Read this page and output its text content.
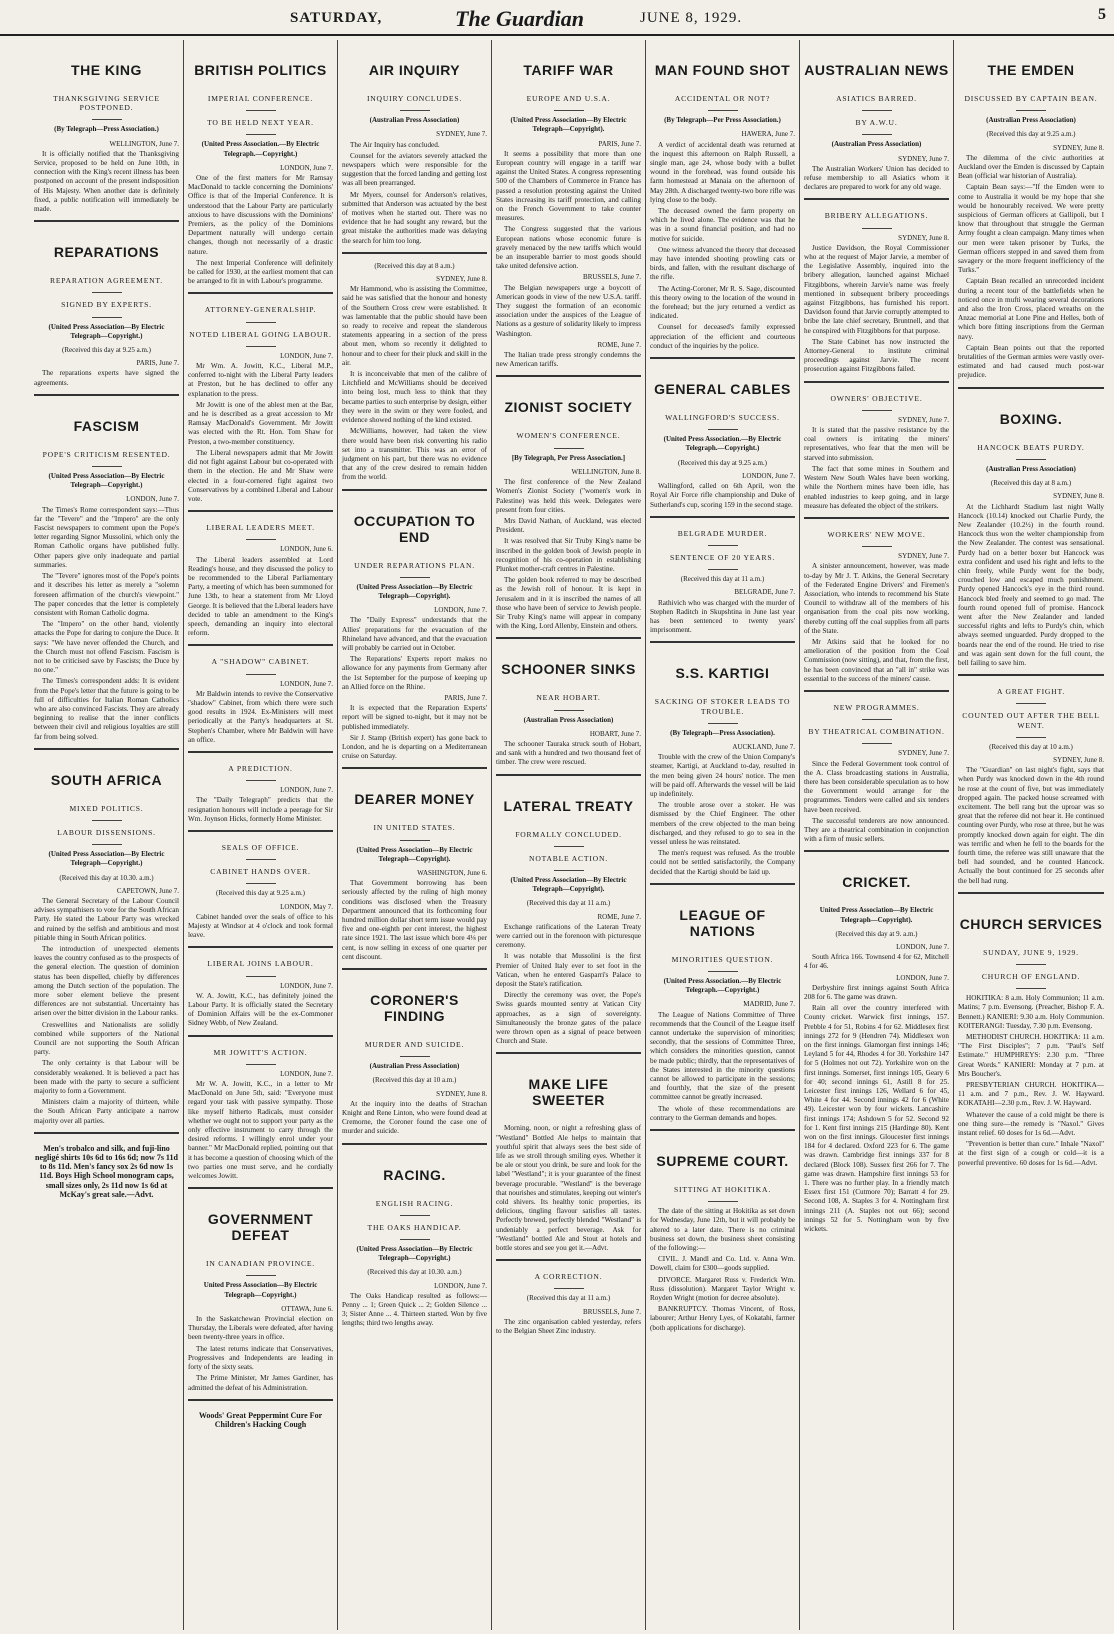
SATURDAY,	The Guardian	JUNE 8, 1929.	5
THE KING
THANKSGIVING SERVICE POSTPONED.
(By Telegraph—Press Association.)
WELLINGTON, June 7.

It is officially notified that the Thanksgiving Service, proposed to be held on June 10th, in connection with the King's recent illness has been postponed on account of the present indisposition of His Majesty. When another date is definitely fixed, a public notification will immediately be made.

REPARATIONS
REPARATION AGREEMENT.
SIGNED BY EXPERTS.
(United Press Association—By Electric Telegraph—Copyright.)
(Received this day at 9.25 a.m.)
PARIS, June 7.

The reparations experts have signed the agreements.

FASCISM
POPE'S CRITICISM RESENTED.
(United Press Association—By Electric Telegraph—Copyright.)
LONDON, June 7.

The Times's Rome correspondent says:—Thus far the "Tevere" and the "Impero" are the only Fascist newspapers to comment upon the Pope's letter regarding Signor Mussolini, which only the Roman Catholic organs have published fully. Other papers give only inadequate and partial summaries.

The "Tevere" ignores most of the Pope's points and it describes his letter as merely a "solemn foreseen affirmation of the church's viewpoint." The paper concedes that the letter is completely consistent with Roman Catholic dogma.

The "Impero" on the other hand, violently attacks the Pope for daring to conjure the Duce. It says: "We have never offended the Church, and the Church must not offend Fascism. Fascism is not to be criticised save by Fascists; the Duce by no one."

The Times's correspondent adds: It is evident from the Pope's letter that the future is going to be full of difficulties for Italian Roman Catholics who are also convinced Fascists. They are already beginning to realise that the inner conflicts between their civil and religious loyalties are still far from being solved.

SOUTH AFRICA
MIXED POLITICS.
LABOUR DISSENSIONS.
(United Press Association—By Electric Telegraph—Copyright.)
(Received this day at 10.30. a.m.)
CAPETOWN, June 7.

The General Secretary of the Labour Council advises sympathisers to vote for the South African Party. He stated the Labour Party was wrecked and ruined by the selfish and ambitious and most pitiable thing in South African politics.

The introduction of unexpected elements leaves the country confused as to the prospects of the general election. The question of dominion status has been dispelled, chiefly by differences among the Dutch section of the population. The more sober element believe the present differences are not substantial. Uncertainty has arisen over the bitter division in the Labour ranks.

Creswellites and Nationalists are solidly combined while supporters of the National Council are not supporting the South African party.

The only certainty is that Labour will be considerably weakened. It is believed a pact has been made with the party to secure a sufficient majority to form a Government.

Ministers claim a majority of thirteen, while the South African Party anticipate a narrow majority over all parties.

Men's trobalco and silk, and fuji-lino negligé shirts 10s 6d to 16s 6d; now 7s 11d to 8s 11d. Men's fancy sox 2s 6d now 1s 11d. Boys High School monogram caps, small sizes only, 2s 11d now 1s 6d at McKay's great sale.—Advt.
BRITISH POLITICS
IMPERIAL CONFERENCE.
TO BE HELD NEXT YEAR.
(United Press Association.—By Electric Telegraph.—Copyright.)
LONDON, June 7.

One of the first matters for Mr Ramsay MacDonald to tackle concerning the Dominions' Office is that of the Imperial Conference. It is understood that the Labour Party are particularly anxious to have discussions with the Dominions' Premiers, as the policy of the Dominions Department naturally will undergo certain changes, though not necessarily of a drastic nature.

The next Imperial Conference will definitely be called for 1930, at the earliest moment that can be arranged to fit in with Labour's programme.

ATTORNEY-GENERALSHIP.
NOTED LIBERAL GOING LABOUR.
LONDON, June 7.

Mr Wm. A. Jowitt, K.C., Liberal M.P., conferred to-night with the Liberal Party leaders at Preston, but he has declined to offer any explanation to the press.

Mr Jowitt is one of the ablest men at the Bar, and he is described as a great accession to Mr Ramsay MacDonald's Government. Mr Jowitt was elected with the Rt. Hon. Tom Shaw for Preston, a two-member constituency.

The Liberal newspapers admit that Mr Jowitt did not fight against Labour but co-operated with them in the election. He and Mr Shaw were elected in a four-cornered fight against two Conservatives by a combined Liberal and Labour vote.

LIBERAL LEADERS MEET.
LONDON, June 6.

The Liberal leaders assembled at Lord Reading's house, and they discussed the policy to be recommended to the Liberal Parliamentary Party, a meeting of which has been summoned for June 13th, to hear a statement from Mr Lloyd George. It is believed that the Liberal leaders have decided to table an amendment to the King's speech, demanding an inquiry into electoral reform.

A "SHADOW" CABINET.
LONDON, June 7.

Mr Baldwin intends to revive the Conservative "shadow" Cabinet, from which there were such good results in 1924. Ex-Ministers will meet periodically at the Party's headquarters at St. Stephen's Chamber, where Mr Baldwin will have an office.

A PREDICTION.
LONDON, June 7.

The "Daily Telegraph" predicts that the resignation honours will include a peerage for Sir Wm. Joynson Hicks, formerly Home Minister.

SEALS OF OFFICE.
CABINET HANDS OVER.
(Received this day at 9.25 a.m.)
LONDON, May 7.

Cabinet handed over the seals of office to his Majesty at Windsor at 4 o'clock and took formal leave.

LIBERAL JOINS LABOUR.
LONDON, June 7.

W. A. Jowitt, K.C., has definitely joined the Labour Party. It is officially stated the Secretary of Dominion Affairs will be the ex-Commoner Sidney Webb, of New Zealand.

MR JOWITT'S ACTION.
LONDON, June 7.

Mr W. A. Jowitt, K.C., in a letter to Mr MacDonald on June 5th, said: "Everyone must regard your task with passive sympathy. Those like myself hitherto Radicals, must consider whether we ought not to support your party as the only effective instrument to carry through the desired reforms. I willingly enrol under your banner." Mr MacDonald replied, pointing out that it has become a question of choosing which of the two parties one must serve, and he cordially welcomes Jowitt.

GOVERNMENT DEFEAT
IN CANADIAN PROVINCE.
United Press Association—By Electric Telegraph—Copyright.)
OTTAWA, June 6.

In the Saskatchewan Provincial election on Thursday, the Liberals were defeated, after having been twenty-three years in office.

The latest returns indicate that Conservatives, Progressives and Independents are leading in forty of the sixty seats.

The Prime Minister, Mr James Gardiner, has admitted the defeat of his Administration.

Woods' Great Peppermint Cure For Children's Hacking Cough
AIR INQUIRY
INQUIRY CONCLUDES.
(Australian Press Association)
SYDNEY, June 7.

The Air Inquiry has concluded.

Counsel for the aviators severely attacked the newspapers which were responsible for the suggestion that the forced landing and getting lost was all been prearranged.

Mr Myers, counsel for Anderson's relatives, submitted that Anderson was actuated by the best of motives when he started out. There was no evidence that he had sought any reward, but the great mistake the authorities made was delaying the search for him too long.

(Received this day at 8 a.m.)
SYDNEY, June 8.

Mr Hammond, who is assisting the Committee, said he was satisfied that the honour and honesty of the Southern Cross crew were established. It was lamentable that the public should have been so ready to receive and repeat the slanderous statements appearing in a section of the press about men, whom so recently it delighted to honour and to cheer for their pluck and skill in the air.

It is inconceivable that men of the calibre of Litchfield and McWilliams should be deceived into being lost, much less to think that they became parties to such enterprise by design, either they were in the swim or they were fooled, and evidence showed nothing of the kind existed.

McWilliams, however, had taken the view there would have been risk converting his radio set into a transmitter. This was an error of judgment on his part, but there was no evidence that any of the crew desired to remain hidden from the world.

OCCUPATION TO END
UNDER REPARATIONS PLAN.
(United Press Association—By Electric Telegraph—Copyright).
LONDON, June 7.

The "Daily Express" understands that the Allies' preparations for the evacuation of the Rhineland have advanced, and that the evacuation will probably be carried out in October.

The Reparations' Experts report makes no allowance for any payments from Germany after the 1st September for the purpose of keeping up an Allied force on the Rhine.

PARIS, June 7.

It is expected that the Reparation Experts' report will be signed to-night, but it may not be published immediately.

Sir J. Stamp (British expert) has gone back to London, and he is departing on a Mediterranean cruise on Saturday.

DEARER MONEY
IN UNITED STATES.
(United Press Association—By Electric Telegraph—Copyright).
WASHINGTON, June 6.

That Government borrowing has been seriously affected by the ruling of high money conditions was disclosed when the Treasury Department announced that its forthcoming four hundred million dollar short term issue would pay five and one-eighth per cent interest, the highest rate since 1921. The last issue which bore 4⅛ per cent, is now selling in excess of one quarter per cent discount.

CORONER'S FINDING
MURDER AND SUICIDE.
(Australian Press Association)
(Received this day at 10 a.m.)
SYDNEY, June 8.

At the inquiry into the deaths of Strachan Knight and Rene Linton, who were found dead at Cremorne, the Coroner found the case one of murder and suicide.

RACING.
ENGLISH RACING.
THE OAKS HANDICAP.
(United Press Association—By Electric Telegraph—Copyright.)
(Received this day at 10.30. a.m.)
LONDON, June 7.

The Oaks Handicap resulted as follows:— Penny ... 1; Green Quick ... 2; Golden Silence ... 3; Sister Anne ... 4. Thirteen started. Won by five lengths; third two lengths away.

TARIFF WAR
EUROPE AND U.S.A.
(United Press Association—By Electric Telegraph—Copyright).
PARIS, June 7.

It seems a possibility that more than one European country will engage in a tariff war against the United States. A congress representing 500 of the Chambers of Commerce in France has passed a resolution protesting against the United States increasing its tariff protection, and calling on the French Government to take counter measures.

The Congress suggested that the various European nations whose economic future is gravely menaced by the new tariffs which would be an insuperable barrier to most goods should take united defensive action.

BRUSSELS, June 7.

The Belgian newspapers urge a boycott of American goods in view of the new U.S.A. tariff. They suggest the formation of an economic association under the auspices of the League of Nations as a gesture of solidarity likely to impress Washington.

ROME, June 7.

The Italian trade press strongly condemns the new American tariffs.

ZIONIST SOCIETY
WOMEN'S CONFERENCE.
[By Telegraph, Per Press Association.]
WELLINGTON, June 8.

The first conference of the New Zealand Women's Zionist Society ("women's work in Palestine) was held this week. Delegates were present from four cities.

Mrs David Nathan, of Auckland, was elected President.

It was resolved that Sir Truby King's name be inscribed in the golden book of Jewish people in recognition of his co-operation in establishing Plunket mother-craft centres in Palestine.

The golden book referred to may be described as the Jewish roll of honour. It is kept in Jerusalem and in it is inscribed the names of all those who have been of service to Jewish people. Sir Truby King's name will appear in company with the King, Lord Allenby, Einstein and others.

SCHOONER SINKS
NEAR HOBART.
(Australian Press Association)
HOBART, June 7.

The schooner Tauraka struck south of Hobart, and sank with a hundred and two thousand feet of timber. The crew were rescued.

LATERAL TREATY
FORMALLY CONCLUDED.
NOTABLE ACTION.
(United Press Association—By Electric Telegraph—Copyright).
(Received this day at 11 a.m.)
ROME, June 7.

Exchange ratifications of the Lateran Treaty were carried out in the forenoon with picturesque ceremony.

It was notable that Mussolini is the first Premier of United Italy ever to set foot in the Vatican, when he entered Gasparri's Palace to deposit the State's ratification.

Directly the ceremony was over, the Pope's Swiss guards mounted sentry at Vatican City approaches, as a sign of sovereignty. Simultaneously the bronze gates of the palace were thrown open as a signal of peace between Church and State.

MAKE LIFE SWEETER

Morning, noon, or night a refreshing glass of "Westland" Bottled Ale helps to maintain that youthful spirit that always sees the best side of life as we stroll through smiling eyes. Whether it be ale or stout you drink, be sure and look for the label "Westland"; it is your guarantee of the finest beverage procurable. "Westland" is the beverage that nourishes and stimulates, keeping out winter's cold shivers. Its healthy tonic properties, its delicious, tingling flavour satisfies all tastes. Perfectly brewed, perfectly blended "Westland" is undeniably a perfect beverage. Ask for "Westland" bottled Ale and Stout at hotels and bottle stores and see you get it.—Advt.

A CORRECTION.
(Received this day at 11 a.m.)
BRUSSELS, June 7.

The zinc organisation cabled yesterday, refers to the Belgian Sheet Zinc industry.

MAN FOUND SHOT
ACCIDENTAL OR NOT?
(By Telegraph—Per Press Association.)
HAWERA, June 7.

A verdict of accidental death was returned at the inquest this afternoon on Ralph Russell, a single man, age 24, whose body with a bullet wound in the forehead, was found outside his farm homestead at Manaia on the afternoon of May 28th. A discharged twenty-two bore rifle was lying close to the body.

The deceased owned the farm property on which he lived alone. The evidence was that he was in a sound financial position, and had no motive for suicide.

One witness advanced the theory that deceased may have intended shooting prowling cats or birds, and fallen, with the resultant discharge of the rifle.

The Acting-Coroner, Mr R. S. Sage, discounted this theory owing to the location of the wound in the forehead; but the jury returned a verdict as indicated.

Counsel for deceased's family expressed appreciation of the efficient and courteous conduct of the inquiries by the police.

GENERAL CABLES
WALLINGFORD'S SUCCESS.
(United Press Association.—By Electric Telegraph.—Copyright.)
(Received this day at 9.25 a.m.)
LONDON, June 7.

Wallingford, called on 6th April, won the Royal Air Force rifle championship and Duke of Sutherland's cup, scoring 159 in the second stage.

BELGRADE MURDER.
SENTENCE OF 20 YEARS.
(Received this day at 11 a.m.)
BELGRADE, June 7.

Rathivich who was charged with the murder of Stephen Raditch in Skupshtina in June last year has been sentenced to twenty years' imprisonment.

S.S. KARTIGI
SACKING OF STOKER LEADS TO TROUBLE.
(By Telegraph—Press Association).
AUCKLAND, June 7.

Trouble with the crew of the Union Company's steamer, Kartigi, at Auckland to-day, resulted in the men being given 24 hours' notice. The men will be paid off. Afterwards the vessel will be laid up indefinitely.

The trouble arose over a stoker. He was dismissed by the Chief Engineer. The other members of the crew objected to the man being discharged, and they refused to go to sea in the vessel unless he was reinstated.

The men's request was refused. As the trouble could not be settled satisfactorily, the Company decided that the Kartigi should be laid up.

LEAGUE OF NATIONS
MINORITIES QUESTION.
(United Press Association.—By Electric Telegraph.—Copyright.)
MADRID, June 7.

The League of Nations Committee of Three recommends that the Council of the League itself cannot undertake the supervision of minorities; secondly, that the sessions of Committee Three, which considers the minorities question, cannot be made public; thirdly, that the representatives of the States interested in the minority questions cannot be allowed to participate in the sessions; and fourthly, that the size of the present committee cannot be greatly increased.

The whole of these recommendations are contrary to the German demands and hopes.

SUPREME COURT.
SITTING AT HOKITIKA.

The date of the sitting at Hokitika as set down for Wednesday, June 12th, but it will probably be altered to a later date. There is no criminal business set down, the business sheet consisting of the following:—

CIVIL. J. Mandl and Co. Ltd. v. Anna Wm. Dowell, claim for £300—goods supplied.

DIVORCE. Margaret Russ v. Frederick Wm. Russ (dissolution). Margaret Taylor Wright v. Royden Wright (motion for decree absolute).

BANKRUPTCY. Thomas Vincent, of Ross, labourer; Arthur Henry Lyes, of Kokatahi, farmer (both applications for discharge).

AUSTRALIAN NEWS
ASIATICS BARRED.
BY A.W.U.
(Australian Press Association)
SYDNEY, June 7.

The Australian Workers' Union has decided to refuse membership to all Asiatics whom it declares are prepared to work for any old wage.

BRIBERY ALLEGATIONS.
SYDNEY, June 8.

Justice Davidson, the Royal Commissioner who at the request of Major Jarvie, a member of the Legislative Assembly, inquired into the bribery allegation, launched against Michael Fitzgibbons, wherein Jarvie's name was freely mentioned in subsequent bribery proceedings against Fitzgibbons, has furnished his report. Davidson found that Jarvie corruptly attempted to bribe the late chief secretary, Bruntnell, and that he conspired with Fitzgibbons for that purpose.

The State Cabinet has now instructed the Attorney-General to institute criminal proceedings against Jarvie. The recent prosecution against Fitzgibbons failed.

OWNERS' OBJECTIVE.
SYDNEY, June 7.

It is stated that the passive resistance by the coal owners is irritating the miners' representatives, who fear that the men will be starved into submission.

The fact that some mines in Southern and Western New South Wales have been working, while the Northern mines have been idle, has enabled industries to keep going, and in large measure has defeated the object of the strikers.

WORKERS' NEW MOVE.
SYDNEY, June 7.

A sinister announcement, however, was made to-day by Mr J. T. Atkins, the General Secretary of the Federated Engine Drivers' and Firemen's Association, who intends to recommend his State Council to withdraw all of the members of his organisation from the coal pits now working, thereby cutting off the coal supplies from all parts of the State.

Mr Atkins said that he looked for no amelioration of the position from the Coal Commission (now sitting), and that, from the first, he has been convinced that an "all in" strike was essential to the success of the miners' cause.

NEW PROGRAMMES.
BY THEATRICAL COMBINATION.
SYDNEY, June 7.

Since the Federal Government took control of the A. Class broadcasting stations in Australia, there has been considerable speculation as to how the Government would arrange for the programmes. Tenders were called and six tenders have been received.

The successful tenderers are now announced. They are a theatrical combination in conjunction with a firm of music sellers.

CRICKET.
United Press Association—By Electric Telegraph—Copyright).
(Received this day at 9. a.m.)
LONDON, June 7.

South Africa 166. Townsend 4 for 62, Mitchell 4 for 46.

LONDON, June 7.

Derbyshire first innings against South Africa 208 for 6. The game was drawn.

Rain all over the country interfered with County cricket. Warwick first innings, 157. Prebble 4 for 51, Robins 4 for 62. Middlesex first innings 272 for 9 (Hendren 74). Middlesex won on the first innings. Glamorgan first innings 146; Leyland 5 for 44, Rhodes 4 for 30. Yorkshire 147 for 5 (Holmes not out 72). Yorkshire won on the first innings. Somerset, first innings 105, Geary 6 for 40; second innings 61, Astill 8 for 25. Leicester first innings 126, Wellard 6 for 45, White 4 for 44. Second innings 42 for 6 (White 49). Leicester won by four wickets. Lancashire first innings 174; Ashdown 5 for 52. Second 92 for 1. Kent first innings 215 (Hardinge 80). Kent won on the first innings. Gloucester first innings 184 for 4 declared. Oxford 223 for 6. The game was drawn. Cambridge first innings 337 for 8 declared (Block 108). Sussex first 266 for 7. The game was drawn. Hampshire first innings 53 for 1. There was no further play. In a friendly match Essex first 151 (Cutmore 70); Barratt 4 for 29. Second 108, A. Staples 3 for 4. Nottingham first innings 211 (A. Staples not out 66); second innings 52 for 5. Nottingham won by five wickets.

THE EMDEN
DISCUSSED BY CAPTAIN BEAN.
(Australian Press Association)
(Received this day at 9.25 a.m.)
SYDNEY, June 8.

The dilemma of the civic authorities at Auckland over the Emden is discussed by Captain Bean (official war historian of Australia).

Captain Bean says:—"If the Emden were to come to Australia it would be my hope that she would be honourably received. We were pretty suspicious of German officers at Gallipoli, but I know that throughout that struggle the German Army fought a clean campaign. Many times when our men were taken prisoner by Turks, the German officers stepped in and saved them from savagery or the more frequent inefficiency of the Turks."

Captain Bean recalled an unrecorded incident during a recent tour of the battlefields when he noticed once in mufti wearing several decorations and also the Iron Cross, placed wreaths on the Anzac memorial at Lone Pine and Helles, both of which bore fitting inscriptions from the German navy.

Captain Bean points out that the reported brutalities of the German armies were vastly over-estimated and had caused much post-war prejudice.

BOXING.
HANCOCK BEATS PURDY.
(Australian Press Association)
(Received this day at 8 a.m.)
SYDNEY, June 8.

At the Lichhardt Stadium last night Wally Hancock (10.14) knocked out Charlie Purdy, the New Zealander (10.2½) in the fourth round. Hancock thus won the welter championship from the New Zealander. The contest was sensational. Purdy had on a better boxer but Hancock was extra confident and used his right and lefts to the chin freely, while Purdy went for the body, crouched low and escaped much punishment. Purdy opened Hancock's eye in the third round. Hancock bled freely and seemed to go mad. The fourth round opened full of promise. Hancock went after the New Zealander and landed successful rights and lefts to Purdy's chin, which always seemed unguarded. Purdy dropped to the boards near the end of the round. He tried to rise and was again sent down for the full count, the bell failing to save him.

A GREAT FIGHT.
COUNTED OUT AFTER THE BELL WENT.
(Received this day at 10 a.m.)
SYDNEY, June 8.

The "Guardian" on last night's fight, says that when Purdy was knocked down in the 4th round he rose at the count of five, but was immediately dropped again. The packed house screamed with excitement. The bell rang but the uproar was so great that the referee did not hear it. He continued counting over Purdy, who rose at three, but he was promptly knocked down again for eight. The din was terrific and when he fell to the boards for the fourth time, the referee was still unaware that the bell had sounded, and he counted Hancock. Actually the bout continued for 25 seconds after the bell had rung.

CHURCH SERVICES
SUNDAY, JUNE 9, 1929.
CHURCH OF ENGLAND.

HOKITIKA: 8 a.m. Holy Communion; 11 a.m. Matins; 7 p.m. Evensong. (Preacher, Bishop F. A. Bennett.) KANIERI: 9.30 a.m. Holy Communion. KOITERANGI: Tuesday, 7.30 p.m. Evensong.

METHODIST CHURCH. HOKITIKA: 11 a.m. "The First Disciples"; 7 p.m. "Paul's Self Estimate." HUMPHREYS: 2.30 p.m. "Three Great Words." KANIERI: Monday at 7 p.m. at Mrs Boucher's.

PRESBYTERIAN CHURCH. HOKITIKA—11 a.m. and 7 p.m., Rev. J. W. Hayward. KOKATAHI—2.30 p.m., Rev. J. W. Hayward.

Whatever the cause of a cold might be there is one thing sure—the remedy is "Naxol." Gives instant relief. 60 doses for 1s 6d.—Advt.

"Prevention is better than cure." Inhale "Naxol" at the first sign of a cough or cold—it is a powerful preventive. 60 doses for 1s 6d.—Advt.
